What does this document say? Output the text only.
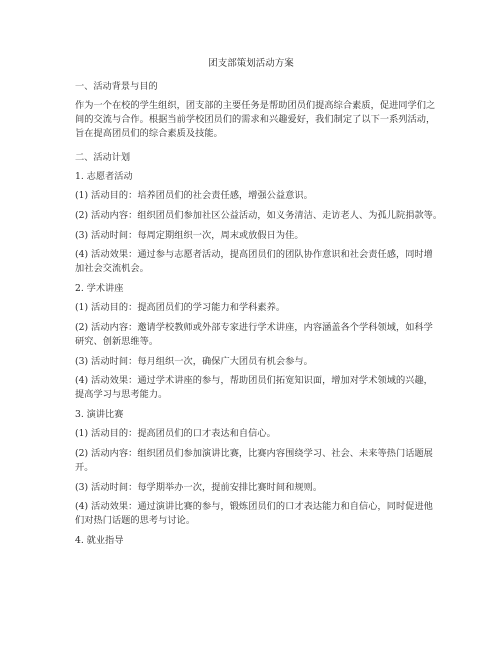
团支部策划活动方案
一、活动背景与目的
作为一个在校的学生组织，团支部的主要任务是帮助团员们提高综合素质，促进同学们之
间的交流与合作。根据当前学校团员们的需求和兴趣爱好，我们制定了以下一系列活动，
旨在提高团员们的综合素质及技能。
二、活动计划
1. 志愿者活动
(1) 活动目的：培养团员们的社会责任感，增强公益意识。
(2) 活动内容：组织团员们参加社区公益活动，如义务清洁、走访老人、为孤儿院捐款等。
(3) 活动时间：每周定期组织一次，周末或放假日为佳。
(4) 活动效果：通过参与志愿者活动，提高团员们的团队协作意识和社会责任感，同时增
加社会交流机会。
2. 学术讲座
(1) 活动目的：提高团员们的学习能力和学科素养。
(2) 活动内容：邀请学校教师或外部专家进行学术讲座，内容涵盖各个学科领域，如科学
研究、创新思维等。
(3) 活动时间：每月组织一次，确保广大团员有机会参与。
(4) 活动效果：通过学术讲座的参与，帮助团员们拓宽知识面，增加对学术领域的兴趣，
提高学习与思考能力。
3. 演讲比赛
(1) 活动目的：提高团员们的口才表达和自信心。
(2) 活动内容：组织团员们参加演讲比赛，比赛内容围绕学习、社会、未来等热门话题展
开。
(3) 活动时间：每学期举办一次，提前安排比赛时间和规则。
(4) 活动效果：通过演讲比赛的参与，锻炼团员们的口才表达能力和自信心，同时促进他
们对热门话题的思考与讨论。
4. 就业指导
